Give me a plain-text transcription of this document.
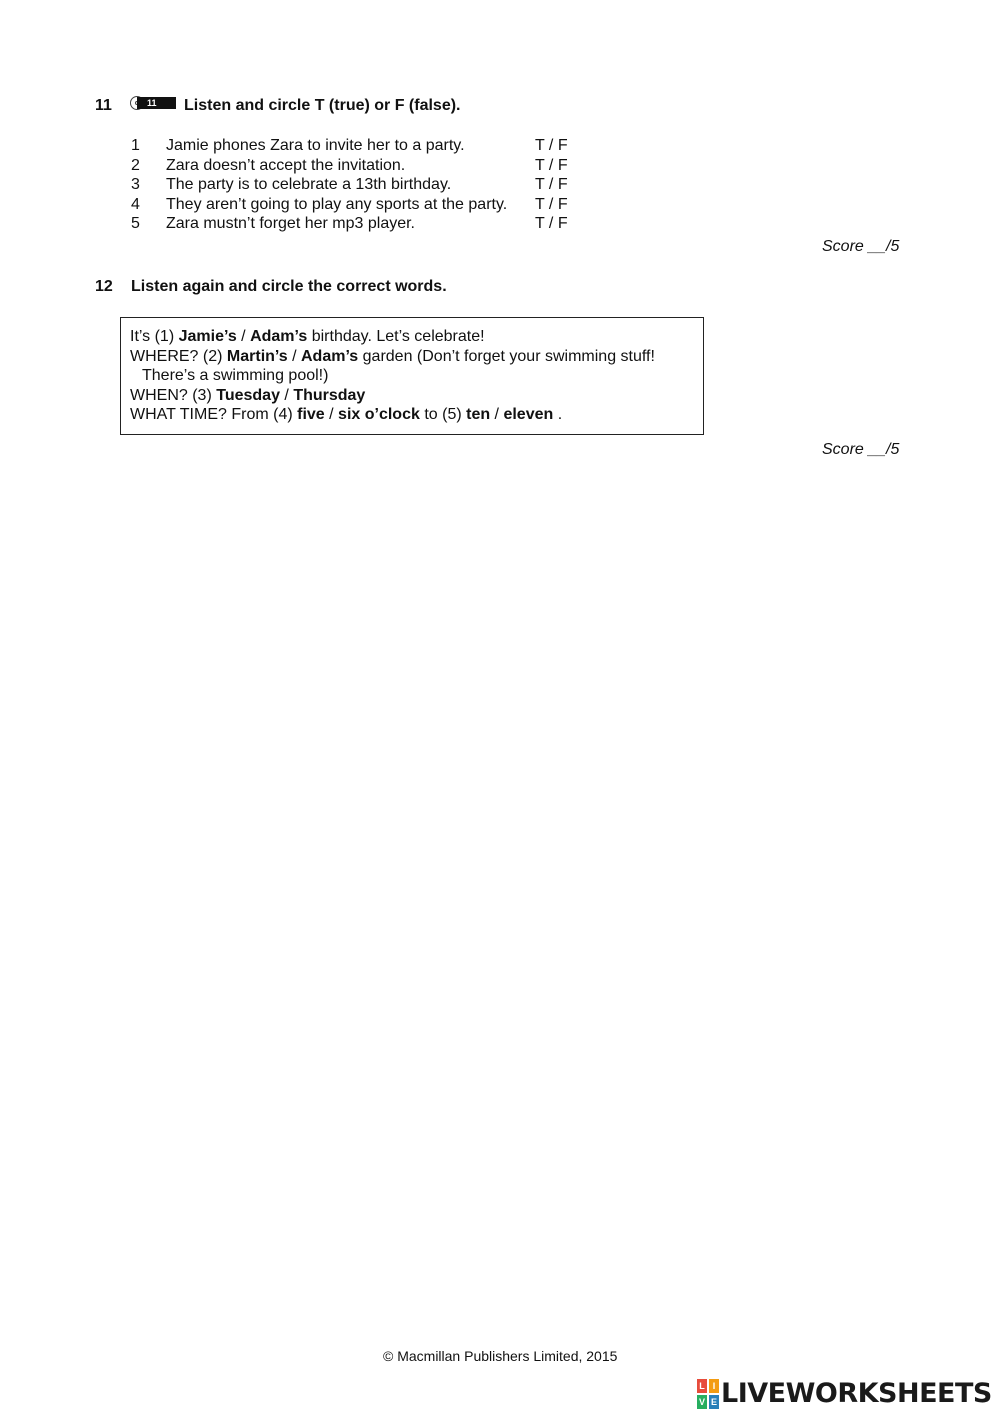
11	11	Listen and circle T (true) or F (false).
1 Jamie phones Zara to invite her to a party.	T / F
2 Zara doesn’t accept the invitation.	T / F
3 The party is to celebrate a 13th birthday.	T / F
4 They aren’t going to play any sports at the party. T / F
5 Zara mustn’t forget her mp3 player.	T / F
Score __/5
12 Listen again and circle the correct words.
It’s (1) Jamie’s / Adam’s birthday. Let’s celebrate!
WHERE? (2) Martin’s / Adam’s garden (Don’t forget your swimming stuff!
There’s a swimming pool!)
WHEN? (3) Tuesday / Thursday
WHAT TIME? From (4) five / six o’clock to (5) ten / eleven .
Score __/5
© Macmillan Publishers Limited, 2015
L I
V E LIVEWORKSHEETS
